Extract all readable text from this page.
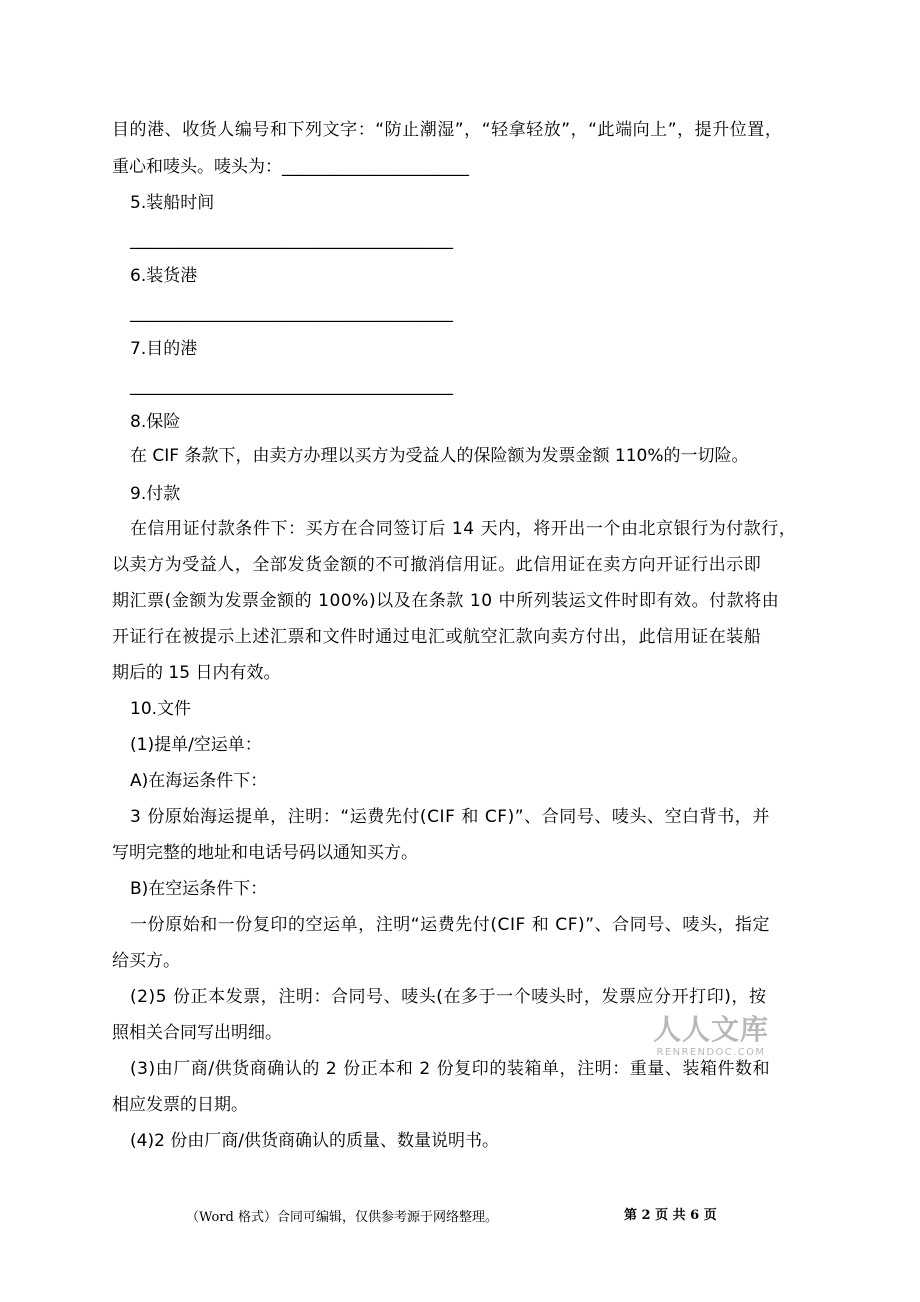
目的港、收货人编号和下列文字：“防止潮湿”，“轻拿轻放”，“此端向上”，提升位置，
重心和唛头。唛头为：______________________
5.装船时间
______________________________________
6.装货港
______________________________________
7.目的港
______________________________________
8.保险
在 CIF 条款下，由卖方办理以买方为受益人的保险额为发票金额 110%的一切险。
9.付款
在信用证付款条件下：买方在合同签订后 14 天内，将开出一个由北京银行为付款行，
以卖方为受益人，全部发货金额的不可撤消信用证。此信用证在卖方向开证行出示即
期汇票(金额为发票金额的 100%)以及在条款 10 中所列装运文件时即有效。付款将由
开证行在被提示上述汇票和文件时通过电汇或航空汇款向卖方付出，此信用证在装船
期后的 15 日内有效。
10.文件
(1)提单/空运单：
A)在海运条件下：
3 份原始海运提单，注明：“运费先付(CIF 和 CF)”、合同号、唛头、空白背书，并
写明完整的地址和电话号码以通知买方。
B)在空运条件下：
一份原始和一份复印的空运单，注明“运费先付(CIF 和 CF)”、合同号、唛头，指定
给买方。
(2)5 份正本发票，注明：合同号、唛头(在多于一个唛头时，发票应分开打印)，按
照相关合同写出明细。
(3)由厂商/供货商确认的 2 份正本和 2 份复印的装箱单，注明：重量、装箱件数和
相应发票的日期。
(4)2 份由厂商/供货商确认的质量、数量说明书。
人人文库
RENRENDOC.COM
（Word 格式）合同可编辑，仅供参考源于网络整理。	第 2 页 共 6 页
